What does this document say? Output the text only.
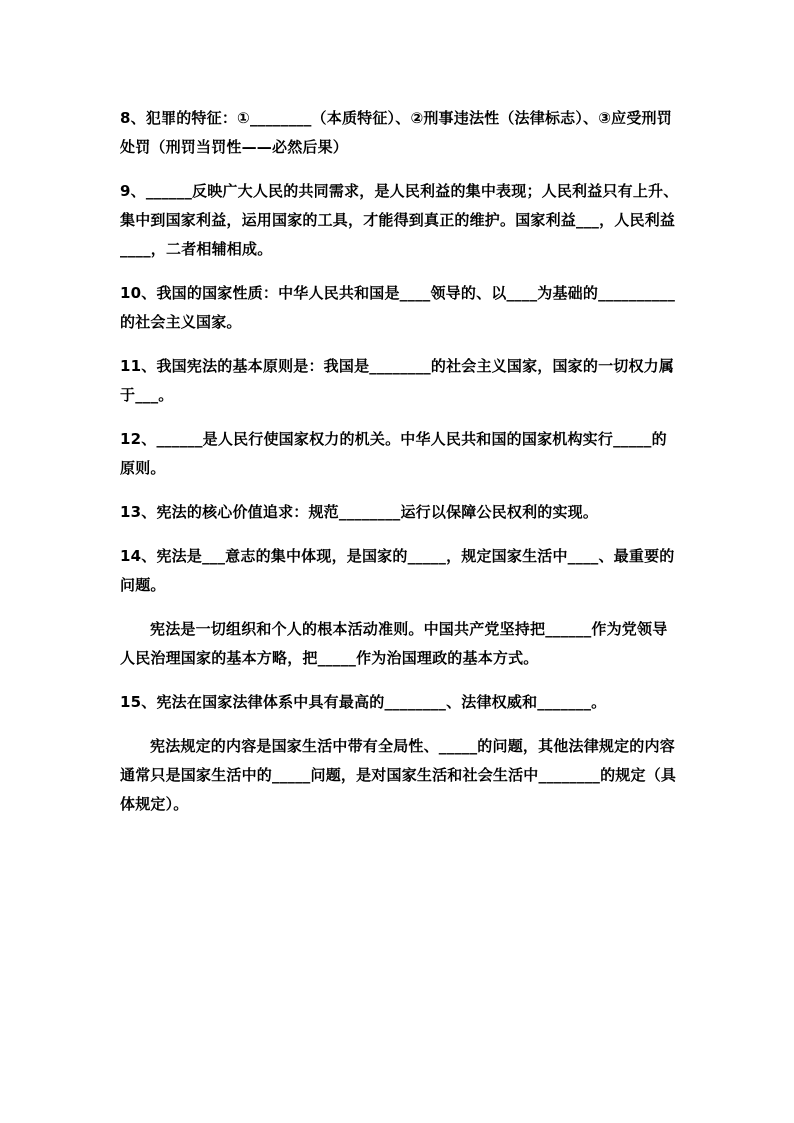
8、犯罪的特征：①________（本质特征）、②刑事违法性（法律标志）、③应受刑罚处罚（刑罚当罚性——必然后果）

9、______反映广大人民的共同需求，是人民利益的集中表现；人民利益只有上升、集中到国家利益，运用国家的工具，才能得到真正的维护。国家利益___，人民利益____，二者相辅相成。

10、我国的国家性质：中华人民共和国是____领导的、以____为基础的__________的社会主义国家。

11、我国宪法的基本原则是：我国是________的社会主义国家，国家的一切权力属于___。

12、______是人民行使国家权力的机关。中华人民共和国的国家机构实行_____的原则。

13、宪法的核心价值追求：规范________运行以保障公民权利的实现。

14、宪法是___意志的集中体现，是国家的_____，规定国家生活中____、最重要的问题。

宪法是一切组织和个人的根本活动准则。中国共产党坚持把______作为党领导人民治理国家的基本方略，把_____作为治国理政的基本方式。

15、宪法在国家法律体系中具有最高的________、法律权威和_______。

宪法规定的内容是国家生活中带有全局性、_____的问题，其他法律规定的内容通常只是国家生活中的_____问题，是对国家生活和社会生活中________的规定（具体规定）。
